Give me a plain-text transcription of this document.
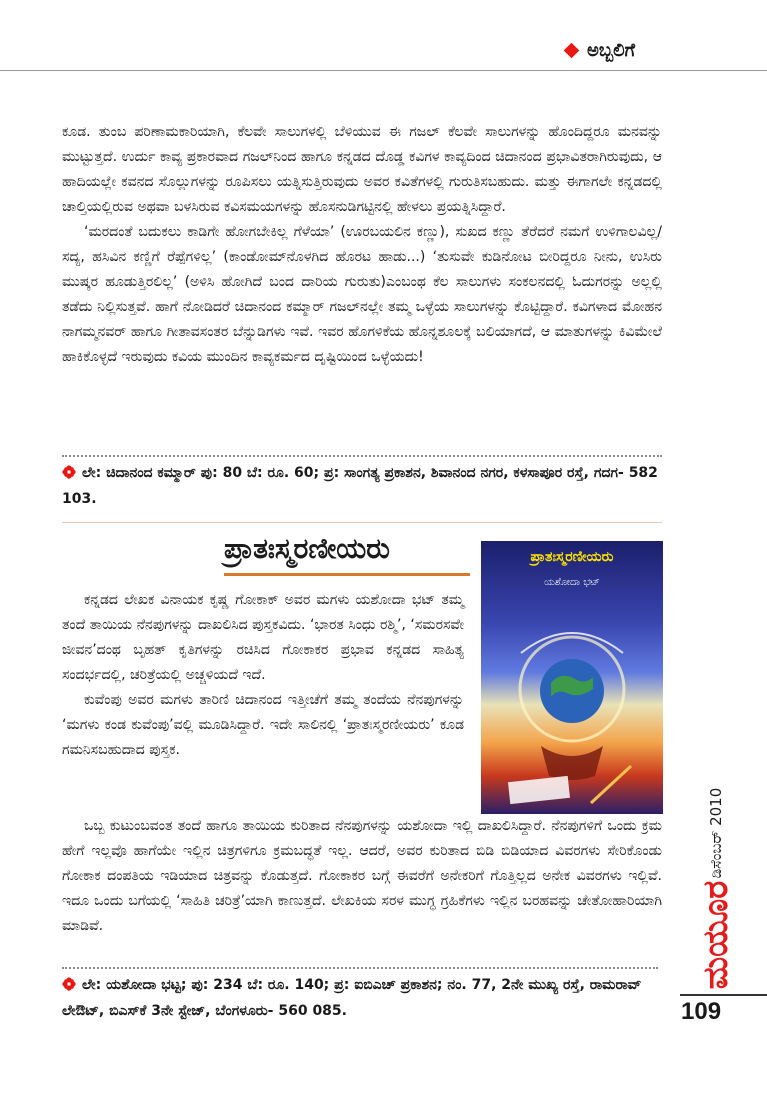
ಅಬ್ಬಲಿಗೆ

ಕೂಡ. ತುಂಬ ಪರಿಣಾಮಕಾರಿಯಾಗಿ, ಕೆಲವೇ ಸಾಲುಗಳಲ್ಲಿ ಬೆಳಿಯುವ ಈ ಗಜಲ್ ಕೆಲವೇ ಸಾಲುಗಳನ್ನು ಹೊಂದಿದ್ದರೂ ಮನವನ್ನು ಮುಟ್ಟುತ್ತದೆ. ಉರ್ದು ಕಾವ್ಯ ಪ್ರಕಾರವಾದ ಗಜಲ್‌ನಿಂದ ಹಾಗೂ ಕನ್ನಡದ ದೊಡ್ಡ ಕವಿಗಳ ಕಾವ್ಯದಿಂದ ಚಿದಾನಂದ ಪ್ರಭಾವಿತರಾಗಿರುವುದು, ಆ ಹಾದಿಯಲ್ಲೇ ಕವನದ ಸೊಲ್ಲುಗಳನ್ನು ರೂಪಿಸಲು ಯತ್ನಿಸುತ್ತಿರುವುದು ಅವರ ಕವಿತೆಗಳಲ್ಲಿ ಗುರುತಿಸಬಹುದು. ಮತ್ತು ಈಗಾಗಲೇ ಕನ್ನಡದಲ್ಲಿ ಚಾಲ್ತಿಯಲ್ಲಿರುವ ಅಥವಾ ಬಳಸಿರುವ ಕವಿಸಮಯಗಳನ್ನು ಹೊಸನುಡಿಗಟ್ಟಿನಲ್ಲಿ ಹೇಳಲು ಪ್ರಯತ್ನಿಸಿದ್ದಾರೆ.

‘ಮರದಂತೆ ಬದುಕಲು ಕಾಡಿಗೇ ಹೋಗಬೇಕಿಲ್ಲ ಗೆಳೆಯಾ’ (ಊರಬಯಲಿನ ಕಣ್ಣು), ಸುಖದ ಕಣ್ಣು ತೆರೆದರೆ ನಮಗೆ ಉಳಿಗಾಲವಿಲ್ಲ/ ಸದ್ಯ, ಹಸಿವಿನ ಕಣ್ಣಿಗೆ ರೆಪ್ಪೆಗಳಿಲ್ಲ’ (ಕಾಂಡೋಮ್‌ನೊಳಗಿದ ಹೊರಟ ಹಾಡು...) ‘ತುಸುವೇ ಕುಡಿನೋಟ ಬೀರಿದ್ದರೂ ನೀನು, ಉಸಿರು ಮುಷ್ಕರ ಹೂಡುತ್ತಿರಲಿಲ್ಲ’ (ಅಳಿಸಿ ಹೋಗಿದೆ ಬಂದ ದಾರಿಯ ಗುರುತು)ಎಂಬಂಥ ಕೆಲ ಸಾಲುಗಳು ಸಂಕಲನದಲ್ಲಿ ಓದುಗರನ್ನು ಅಲ್ಲಲ್ಲಿ ತಡೆದು ನಿಲ್ಲಿಸುತ್ತವೆ. ಹಾಗೆ ನೋಡಿದರೆ ಚಿದಾನಂದ ಕಮ್ಮಾರ್ ಗಜಲ್‌ನಲ್ಲೇ ತಮ್ಮ ಒಳ್ಳೆಯ ಸಾಲುಗಳನ್ನು ಕೊಟ್ಟಿದ್ದಾರೆ. ಕವಿಗಳಾದ ಮೋಹನ ನಾಗಮ್ಮನವರ್ ಹಾಗೂ ಗೀತಾವಸಂತರ ಬೆನ್ನುಡಿಗಳು ಇವೆ. ಇವರ ಹೊಗಳಿಕೆಯ ಹೊನ್ನಶೂಲಕ್ಕೆ ಬಲಿಯಾಗದೆ, ಆ ಮಾತುಗಳನ್ನು ಕಿವಿಮೇಲೆ ಹಾಕಿಕೊಳ್ಳದೆ ಇರುವುದು ಕವಿಯ ಮುಂದಿನ ಕಾವ್ಯಕರ್ಮದ ದೃಷ್ಟಿಯಿಂದ ಒಳ್ಳೆಯದು!

ಲೇ: ಚಿದಾನಂದ ಕಮ್ಮಾರ್ ಪು: 80 ಬೆ: ರೂ. 60; ಪ್ರ: ಸಾಂಗತ್ಯ ಪ್ರಕಾಶನ, ಶಿವಾನಂದ ನಗರ, ಕಳಸಾಪೂರ ರಸ್ತೆ, ಗದಗ- 582 103.
ಪ್ರಾತಃಸ್ಮರಣೀಯರು	ಪ್ರಾತಃಸ್ಮರಣೀಯರು
ಯಶೋದಾ ಭಟ್

ಕನ್ನಡದ ಲೇಖಕ ವಿನಾಯಕ ಕೃಷ್ಣ ಗೋಕಾಕ್ ಅವರ ಮಗಳು ಯಶೋದಾ ಭಟ್ ತಮ್ಮ ತಂದೆ ತಾಯಿಯ ನೆನಪುಗಳನ್ನು ದಾಖಲಿಸಿದ ಪುಸ್ತಕವಿದು. ‘ಭಾರತ ಸಿಂಧು ರಶ್ಮಿ’, ‘ಸಮರಸವೇ ಜೀವನ’ದಂಥ ಬೃಹತ್ ಕೃತಿಗಳನ್ನು ರಚಿಸಿದ ಗೋಕಾಕರ ಪ್ರಭಾವ ಕನ್ನಡದ ಸಾಹಿತ್ಯ ಸಂದರ್ಭದಲ್ಲಿ, ಚರಿತ್ರೆಯಲ್ಲಿ ಅಚ್ಚಳಿಯದೆ ಇದೆ.

ಕುವೆಂಪು ಅವರ ಮಗಳು ತಾರಿಣಿ ಚಿದಾನಂದ ಇತ್ತೀಚೆಗೆ ತಮ್ಮ ತಂದೆಯ ನೆನಪುಗಳನ್ನು ‘ಮಗಳು ಕಂಡ ಕುವೆಂಪು’ವಲ್ಲಿ ಮೂಡಿಸಿದ್ದಾರೆ. ಇದೇ ಸಾಲಿನಲ್ಲಿ ‘ಪ್ರಾತಃಸ್ಮರಣೀಯರು’ ಕೂಡ ಗಮನಿಸಬಹುದಾದ ಪುಸ್ತಕ.

ಒಬ್ಬ ಕುಟುಂಬವಂತ ತಂದೆ ಹಾಗೂ ತಾಯಿಯ ಕುರಿತಾದ ನೆನಪುಗಳನ್ನು ಯಶೋದಾ ಇಲ್ಲಿ ದಾಖಲಿಸಿದ್ದಾರೆ. ನೆನಪುಗಳಿಗೆ ಒಂದು ಕ್ರಮ ಹೇಗೆ ಇಲ್ಲವೊ ಹಾಗೆಯೇ ಇಲ್ಲಿನ ಚಿತ್ರಗಳಿಗೂ ಕ್ರಮಬದ್ಧತೆ ಇಲ್ಲ. ಆದರೆ, ಅವರ ಕುರಿತಾದ ಬಿಡಿ ಬಿಡಿಯಾದ ವಿವರಗಳು ಸೇರಿಕೊಂಡು ಗೋಕಾಕ ದಂಪತಿಯ ಇಡಿಯಾದ ಚಿತ್ರವನ್ನು ಕೊಡುತ್ತದೆ. ಗೋಕಾಕರ ಬಗ್ಗೆ ಈವರೆಗೆ ಅನೇಕರಿಗೆ ಗೊತ್ತಿಲ್ಲದ ಅನೇಕ ವಿವರಗಳು ಇಲ್ಲಿವೆ. ಇದೂ ಒಂದು ಬಗೆಯಲ್ಲಿ ‘ಸಾಹಿತಿ ಚರಿತ್ರೆ’ಯಾಗಿ ಕಾಣುತ್ತದೆ. ಲೇಖಕಿಯ ಸರಳ ಮುಗ್ಧ ಗ್ರಹಿಕೆಗಳು ಇಲ್ಲಿನ ಬರಹವನ್ನು ಚೇತೋಹಾರಿಯಾಗಿ ಮಾಡಿವೆ.

ಲೇ: ಯಶೋದಾ ಭಟ್ಟ; ಪು: 234 ಬೆ: ರೂ. 140; ಪ್ರ: ಐಬಿಎಚ್ ಪ್ರಕಾಶನ; ನಂ. 77, 2ನೇ ಮುಖ್ಯ ರಸ್ತೆ, ರಾಮರಾವ್ ಲೇಔಟ್, ಬಿಎಸ್‌ಕೆ 3ನೇ ಸ್ಟೇಜ್, ಬೆಂಗಳೂರು- 560 085.
ಡಿಸೆಂಬರ್ 2010
ಮಯೂರ
109
